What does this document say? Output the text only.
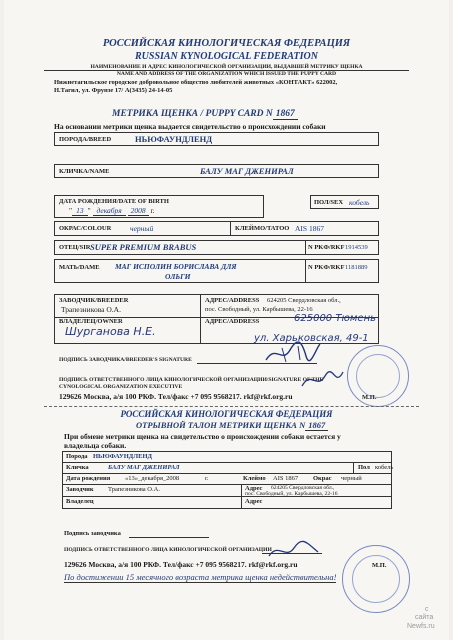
РОССИЙСКАЯ КИНОЛОГИЧЕСКАЯ ФЕДЕРАЦИЯ
RUSSIAN KYNOLOGICAL FEDERATION
НАИМЕНОВАНИЕ И АДРЕС КИНОЛОГИЧЕСКОЙ ОРГАНИЗАЦИИ, ВЫДАВШЕЙ МЕТРИКУ ЩЕНКА
NAME AND ADDRESS OF THE ORGANIZATION WHICH ISSUED THE PUPPY CARD
Нижнетагильское городское добровольное общество любителей животных «КОНТАКТ» 622002,
Н.Тагил, ул. Фрунзе 17/ А(3435) 24-14-05
МЕТРИКА ЩЕНКА / PUPPY CARD N 1867
На основании метрики щенка выдается свидетельство о происхождении собаки
ПОРОДА/BREED	НЬЮФАУНДЛЕНД
КЛИЧКА/NAME	БАЛУ МАГ ДЖЕНИРАЛ
ДАТА РОЖДЕНИЯ/DATE OF BIRTH
" 13 " декабря 2008 г.
ПОЛ/SEX кобель
ОКРАС/COLOUR черный	КЛЕЙМО/TATOO AIS 1867
ОТЕЦ/SIR SUPER PREMIUM BRABUS	N PKФ/RKF 1914539
МАТЬ/DAME МАГ ИСПОЛИН БОРИСЛАВА ДЛЯ
ОЛЬГИ
N PKФ/RKF 1181889
ЗАВОДЧИК/BREEDER
Трапезникова О.А.
АДРЕС/ADDRESS 624205 Свердловская обл.,
пос. Свободный, ул. Карбышева, 22-16
ВЛАДЕЛЕЦ/OWNER	АДРЕС/ADDRESS
Шурганова Н.Е.
625000 Тюмень
ул. Харьковская, 49-1
ПОДПИСЬ ЗАВОДЧИКА/BREEDER'S SIGNATURE
ПОДПИСЬ ОТВЕТСТВЕННОГО ЛИЦА КИНОЛОГИЧЕСКОЙ ОРГАНИЗАЦИИ/SIGNATURE OF THE
CYNOLOGICAL ORGANIZATION EXECUTIVE
129626 Москва, а/я 100 РКФ. Тел/факс +7 095 9568217. rkf@rkf.org.ru	М.П.
РОССИЙСКАЯ КИНОЛОГИЧЕСКАЯ ФЕДЕРАЦИЯ
ОТРЫВНОЙ ТАЛОН МЕТРИКИ ЩЕНКА N 1867
При обмене метрики щенка на свидетельство о происхождении собаки остается у
владельца собаки.
Порода НЬЮФАУНДЛЕНД
Кличка	БАЛУ МАГ ДЖЕНИРАЛ	Пол кобель
Дата рождения «13»_декабря_2008	г.	Клеймо AIS 1867 Окрас черный
Заводчик Трапезникова О.А.	Адрес 624205 Свердловская обл.,
пос. Свободный, ул. Карбышева, 22-16
Владелец	Адрес
Подпись заводчика
ПОДПИСЬ ОТВЕТСТВЕННОГО ЛИЦА КИНОЛОГИЧЕСКОЙ ОРГАНИЗАЦИИ
129626 Москва, а/я 100 РКФ. Тел/факс +7 095 9568217. rkf@rkf.org.ru	М.П.
По достижении 15 месячного возраста метрика щенка недействительна!
с
сайта
Newfs.ru
